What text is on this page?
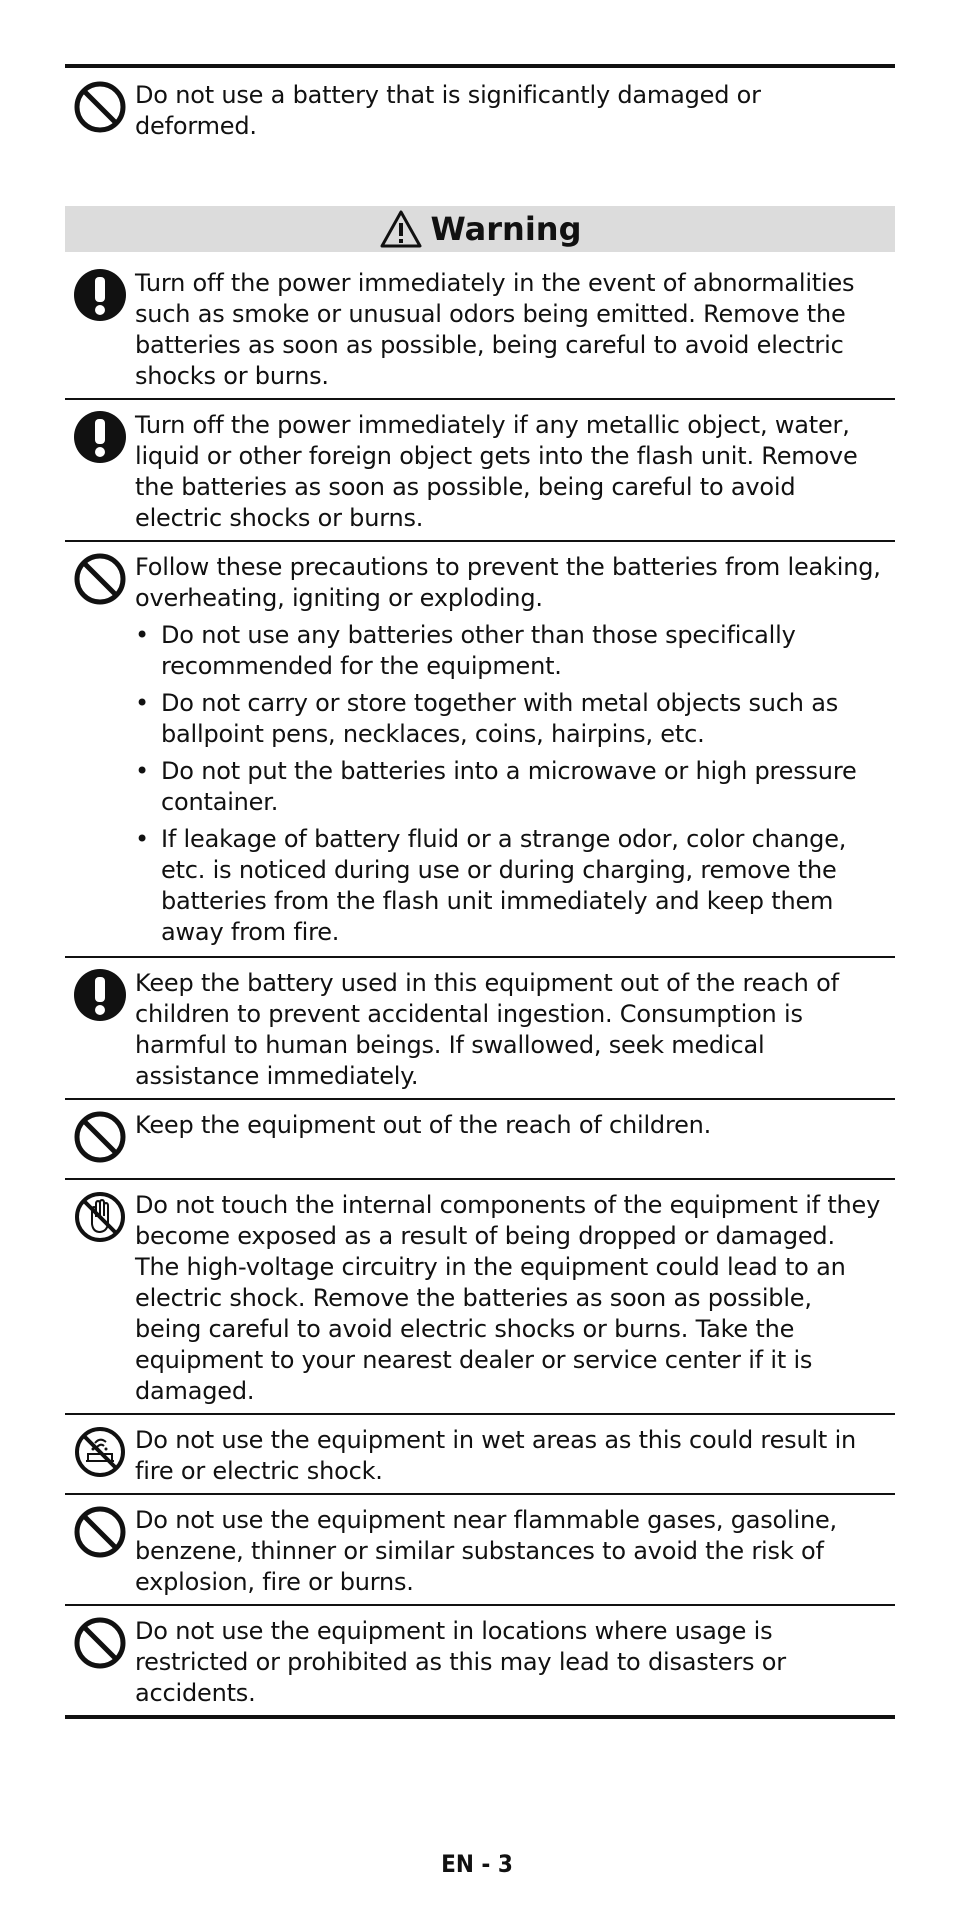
Do not use a battery that is significantly damaged or deformed.
Warning
Turn off the power immediately in the event of abnormalities such as smoke or unusual odors being emitted. Remove the batteries as soon as possible, being careful to avoid electric shocks or burns.
Turn off the power immediately if any metallic object, water, liquid or other foreign object gets into the flash unit. Remove the batteries as soon as possible, being careful to avoid electric shocks or burns.
Follow these precautions to prevent the batteries from leaking, overheating, igniting or exploding.
• Do not use any batteries other than those specifically recommended for the equipment.
• Do not carry or store together with metal objects such as ballpoint pens, necklaces, coins, hairpins, etc.
• Do not put the batteries into a microwave or high pressure container.
• If leakage of battery fluid or a strange odor, color change, etc. is noticed during use or during charging, remove the batteries from the flash unit immediately and keep them away from fire.
Keep the battery used in this equipment out of the reach of children to prevent accidental ingestion. Consumption is harmful to human beings. If swallowed, seek medical assistance immediately.
Keep the equipment out of the reach of children.
Do not touch the internal components of the equipment if they become exposed as a result of being dropped or damaged. The high-voltage circuitry in the equipment could lead to an electric shock. Remove the batteries as soon as possible, being careful to avoid electric shocks or burns. Take the equipment to your nearest dealer or service center if it is damaged.
Do not use the equipment in wet areas as this could result in fire or electric shock.
Do not use the equipment near flammable gases, gasoline, benzene, thinner or similar substances to avoid the risk of explosion, fire or burns.
Do not use the equipment in locations where usage is restricted or prohibited as this may lead to disasters or accidents.
EN - 3
